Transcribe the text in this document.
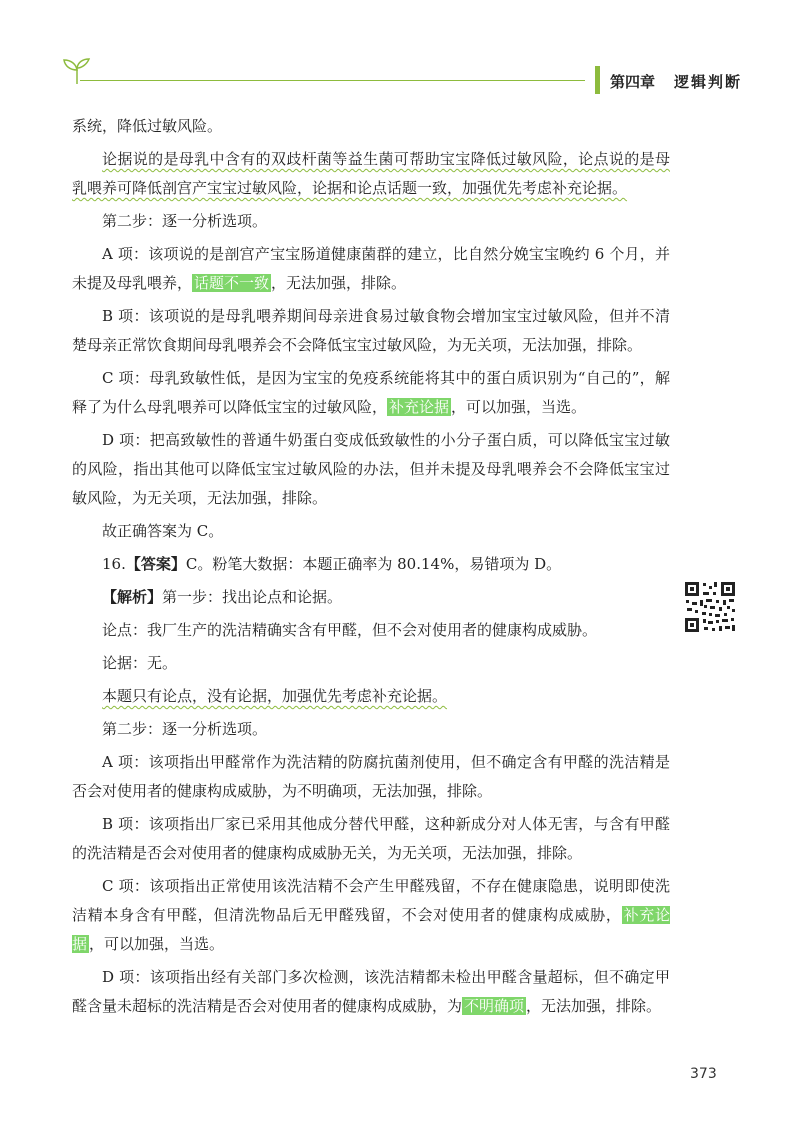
第四章 逻辑判断

系统，降低过敏风险。

论据说的是母乳中含有的双歧杆菌等益生菌可帮助宝宝降低过敏风险，论点说的是母乳喂养可降低剖宫产宝宝过敏风险，论据和论点话题一致，加强优先考虑补充论据。

第二步：逐一分析选项。

A 项：该项说的是剖宫产宝宝肠道健康菌群的建立，比自然分娩宝宝晚约 6 个月，并未提及母乳喂养， 话题不一致 ，无法加强，排除。

B 项：该项说的是母乳喂养期间母亲进食易过敏食物会增加宝宝过敏风险，但并不清楚母亲正常饮食期间母乳喂养会不会降低宝宝过敏风险，为无关项，无法加强，排除。

C 项：母乳致敏性低，是因为宝宝的免疫系统能将其中的蛋白质识别为“自己的”，解释了为什么母乳喂养可以降低宝宝的过敏风险， 补充论据 ，可以加强，当选。

D 项：把高致敏性的普通牛奶蛋白变成低致敏性的小分子蛋白质，可以降低宝宝过敏的风险，指出其他可以降低宝宝过敏风险的办法，但并未提及母乳喂养会不会降低宝宝过敏风险，为无关项，无法加强，排除。

故正确答案为 C。

16.【答案】C。粉笔大数据：本题正确率为 80.14%，易错项为 D。

【解析】第一步：找出论点和论据。

论点：我厂生产的洗洁精确实含有甲醛，但不会对使用者的健康构成威胁。

论据：无。

本题只有论点，没有论据，加强优先考虑补充论据。

第二步：逐一分析选项。

A 项：该项指出甲醛常作为洗洁精的防腐抗菌剂使用，但不确定含有甲醛的洗洁精是否会对使用者的健康构成威胁，为不明确项，无法加强，排除。

B 项：该项指出厂家已采用其他成分替代甲醛，这种新成分对人体无害，与含有甲醛的洗洁精是否会对使用者的健康构成威胁无关，为无关项，无法加强，排除。

C 项：该项指出正常使用该洗洁精不会产生甲醛残留，不存在健康隐患，说明即使洗洁精本身含有甲醛，但清洗物品后无甲醛残留，不会对使用者的健康构成威胁， 补充论据 ，可以加强，当选。

D 项：该项指出经有关部门多次检测，该洗洁精都未检出甲醛含量超标，但不确定甲醛含量未超标的洗洁精是否会对使用者的健康构成威胁，为 不明确项 ，无法加强，排除。

373
